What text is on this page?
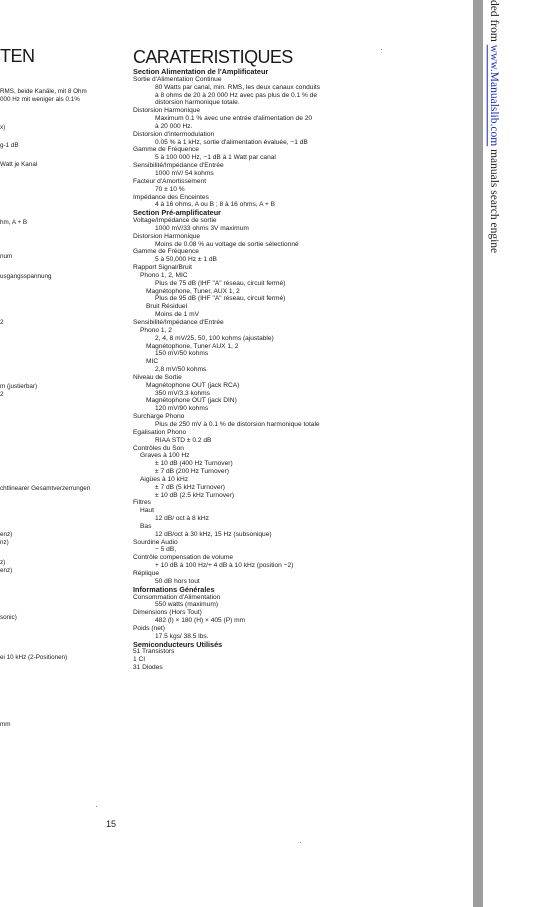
TEN
RMS, beide Kanäle, mit 8 Ohm
000 Hz mit weniger als 0.1%
x)
g-1 dB
Watt je Kanal
hm, A + B
num
usgangsspannung
2
m (justierbar)
2
chtlinearer Gesamtverzerrungen
enz)
nz)
z)
enz)
sonic)
ei 10 kHz (2-Positionen)
mm
CARATERISTIQUES
Section Alimentation de l'Amplificateur
Sortie d'Alimentation Continue
80 Watts par canal, min. RMS, les deux canaux conduits
à 8 ohms de 20 à 20 000 Hz avec pas plus de 0.1 % de
distorsion harmonique totale.
Distorsion Harmonique
Maximum 0.1 % avec une entrée d'alimentation de 20
à 20 000 Hz.
Distorsion d'intermodulation
0.05 % à 1 kHz, sortie d'alimentation évaluée, −1 dB
Gamme de Fréquence
5 à 100 000 Hz, −1 dB à 1 Watt par canal
Sensibilité/Impédance d'Entrée
1000 mV/ 54 kohms
Facteur d'Amortissement
70 ± 10 %
Impédance des Enceintes
4 à 16 ohms, A ou B ; 8 à 16 ohms, A + B
Section Pré-amplificateur
Voltage/Impédance de sortie
1000 mV/33 ohms 3V maximum
Distorsion Harmonique
Moins de 0.08 % au voltage de sortie sélectionné
Gamme de Fréquence
5 à 50,000 Hz ± 1 dB
Rapport Signal/Bruit
Phono 1, 2, MIC
Plus de 75 dB (IHF "A" réseau, circuit fermé)
Magnétophone, Tuner, AUX 1, 2
Plus de 95 dB (IHF "A" réseau, circuit fermé)
Bruit Résiduel
Moins de 1 mV
Sensibilité/Impédance d'Entrée
Phono 1, 2
2, 4, 8 mV/25, 50, 100 kohms (ajustable)
Magnétophone, Tuner AUX 1, 2
150 mV/50 kohms
MIC
2,8 mV/50 kohms
Niveau de Sortie
Magnétophone OUT (jack RCA)
350 mV/3.3 kohms
Magnétophone OUT (jack DIN)
120 mV/90 kohms
Surcharge Phono
Plus de 250 mV à 0.1 % de distorsion harmonique totale
Egalisation Phono
RIAA STD ± 0.2 dB
Contrôles du Son
Graves à 100 Hz
± 10 dB (400 Hz Turnover)
± 7 dB (200 Hz Turnover)
Aigües à 10 kHz
± 7 dB (5 kHz Turnover)
± 10 dB (2.5 kHz Turnover)
Filtres
Haut
12 dB/ oct à 8 kHz
Bas
12 dB/oct à 30 kHz, 15 Hz (subsonique)
Sourdine Audio
− 5 dB,
Contrôle compensation de volume
+ 10 dB à 100 Hz/+ 4 dB à 10 kHz (position −2)
Réplique
50 dB hors tout
Informations Générales
Consommation d'Alimentation
550 watts (maximum)
Dimensions (Hors Tout)
482 (l) × 180 (H) × 405 (P) mm
Poids (net)
17.5 kgs/ 38.5 lbs.
Semiconducteurs Utilisés
51 Transistors
1 CI
31 Diodes
15
ded from www.Manualslib.com manuals search engine
